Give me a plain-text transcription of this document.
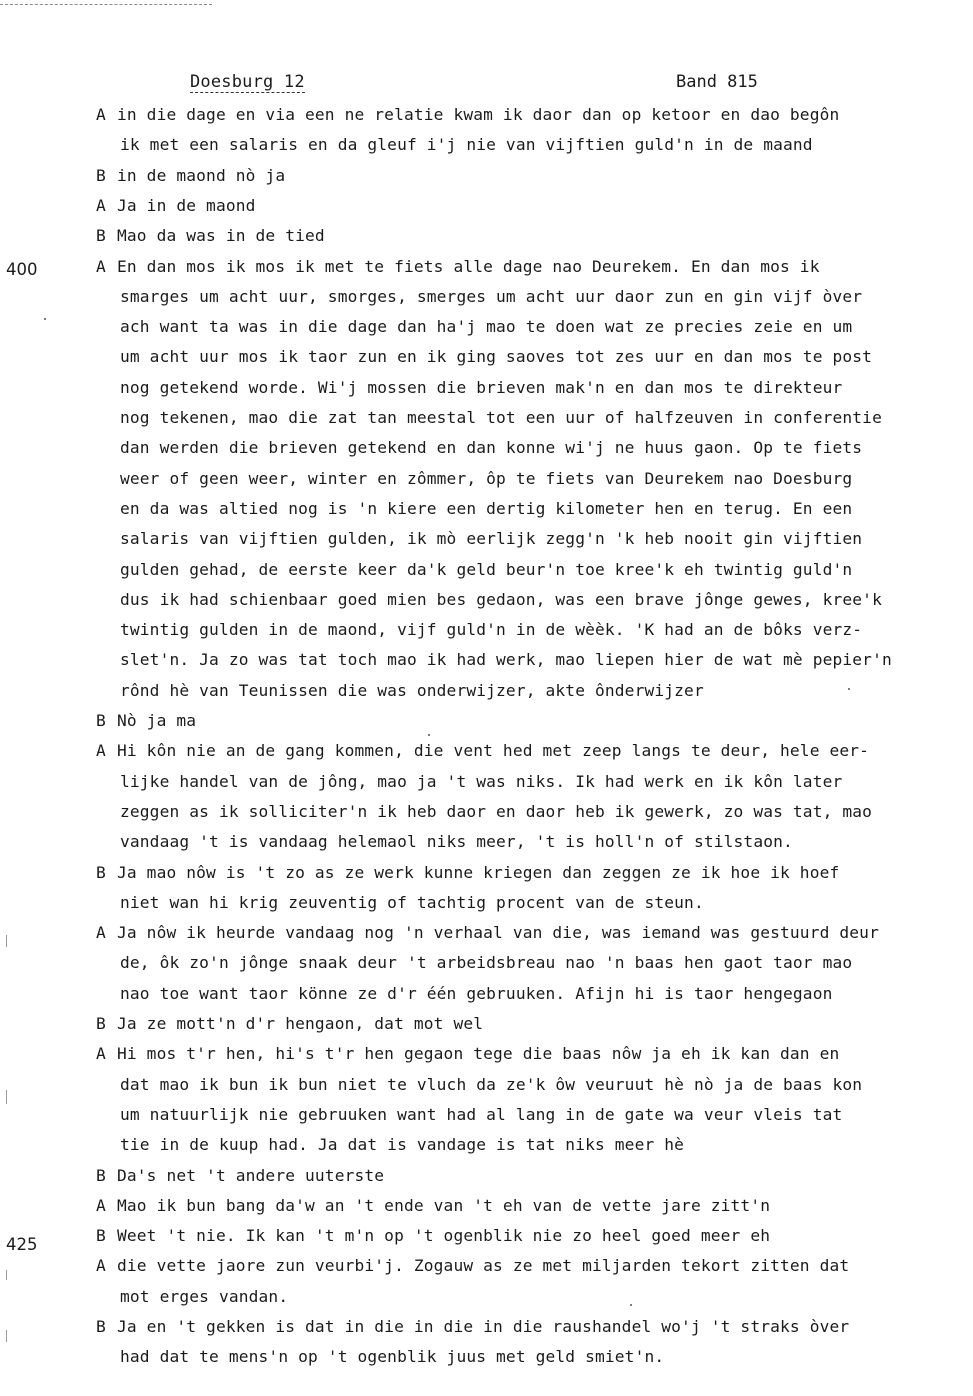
Doesburg 12	Band 815
A in die dage en via een ne relatie kwam ik daor dan op ketoor en dao begôn
ik met een salaris en da gleuf i'j nie van vijftien guld'n in de maand
B in de maond nò ja
A Ja in de maond
B Mao da was in de tied
A En dan mos ik mos ik met te fiets alle dage nao Deurekem. En dan mos ik
smarges um acht uur, smorges, smerges um acht uur daor zun en gin vijf òver
ach want ta was in die dage dan ha'j mao te doen wat ze precies zeie en um
um acht uur mos ik taor zun en ik ging saoves tot zes uur en dan mos te post
nog getekend worde. Wi'j mossen die brieven mak'n en dan mos te direkteur
nog tekenen, mao die zat tan meestal tot een uur of halfzeuven in conferentie
dan werden die brieven getekend en dan konne wi'j ne huus gaon. Op te fiets
weer of geen weer, winter en zômmer, ôp te fiets van Deurekem nao Doesburg
en da was altied nog is 'n kiere een dertig kilometer hen en terug. En een
salaris van vijftien gulden, ik mò eerlijk zegg'n 'k heb nooit gin vijftien
gulden gehad, de eerste keer da'k geld beur'n toe kree'k eh twintig guld'n
dus ik had schienbaar goed mien bes gedaon, was een brave jônge gewes, kree'k
twintig gulden in de maond, vijf guld'n in de wèèk. 'K had an de bôks verz-
slet'n. Ja zo was tat toch mao ik had werk, mao liepen hier de wat mè pepier'n
rônd hè van Teunissen die was onderwijzer, akte ônderwijzer
B Nò ja ma
A Hi kôn nie an de gang kommen, die vent hed met zeep langs te deur, hele eer-
lijke handel van de jông, mao ja 't was niks. Ik had werk en ik kôn later
zeggen as ik solliciter'n ik heb daor en daor heb ik gewerk, zo was tat, mao
vandaag 't is vandaag helemaol niks meer, 't is holl'n of stilstaon.
B Ja mao nôw is 't zo as ze werk kunne kriegen dan zeggen ze ik hoe ik hoef
niet wan hi krig zeuventig of tachtig procent van de steun.
A Ja nôw ik heurde vandaag nog 'n verhaal van die, was iemand was gestuurd deur
de, ôk zo'n jônge snaak deur 't arbeidsbreau nao 'n baas hen gaot taor mao
nao toe want taor könne ze d'r één gebruuken. Afijn hi is taor hengegaon
B Ja ze mott'n d'r hengaon, dat mot wel
A Hi mos t'r hen, hi's t'r hen gegaon tege die baas nôw ja eh ik kan dan en
dat mao ik bun ik bun niet te vluch da ze'k ôw veuruut hè nò ja de baas kon
um natuurlijk nie gebruuken want had al lang in de gate wa veur vleis tat
tie in de kuup had. Ja dat is vandage is tat niks meer hè
B Da's net 't andere uuterste
A Mao ik bun bang da'w an 't ende van 't eh van de vette jare zitt'n
B Weet 't nie. Ik kan 't m'n op 't ogenblik nie zo heel goed meer eh
A die vette jaore zun veurbi'j. Zogauw as ze met miljarden tekort zitten dat
mot erges vandan.
B Ja en 't gekken is dat in die in die in die raushandel wo'j 't straks òver
had dat te mens'n op 't ogenblik juus met geld smiet'n.
400
425
